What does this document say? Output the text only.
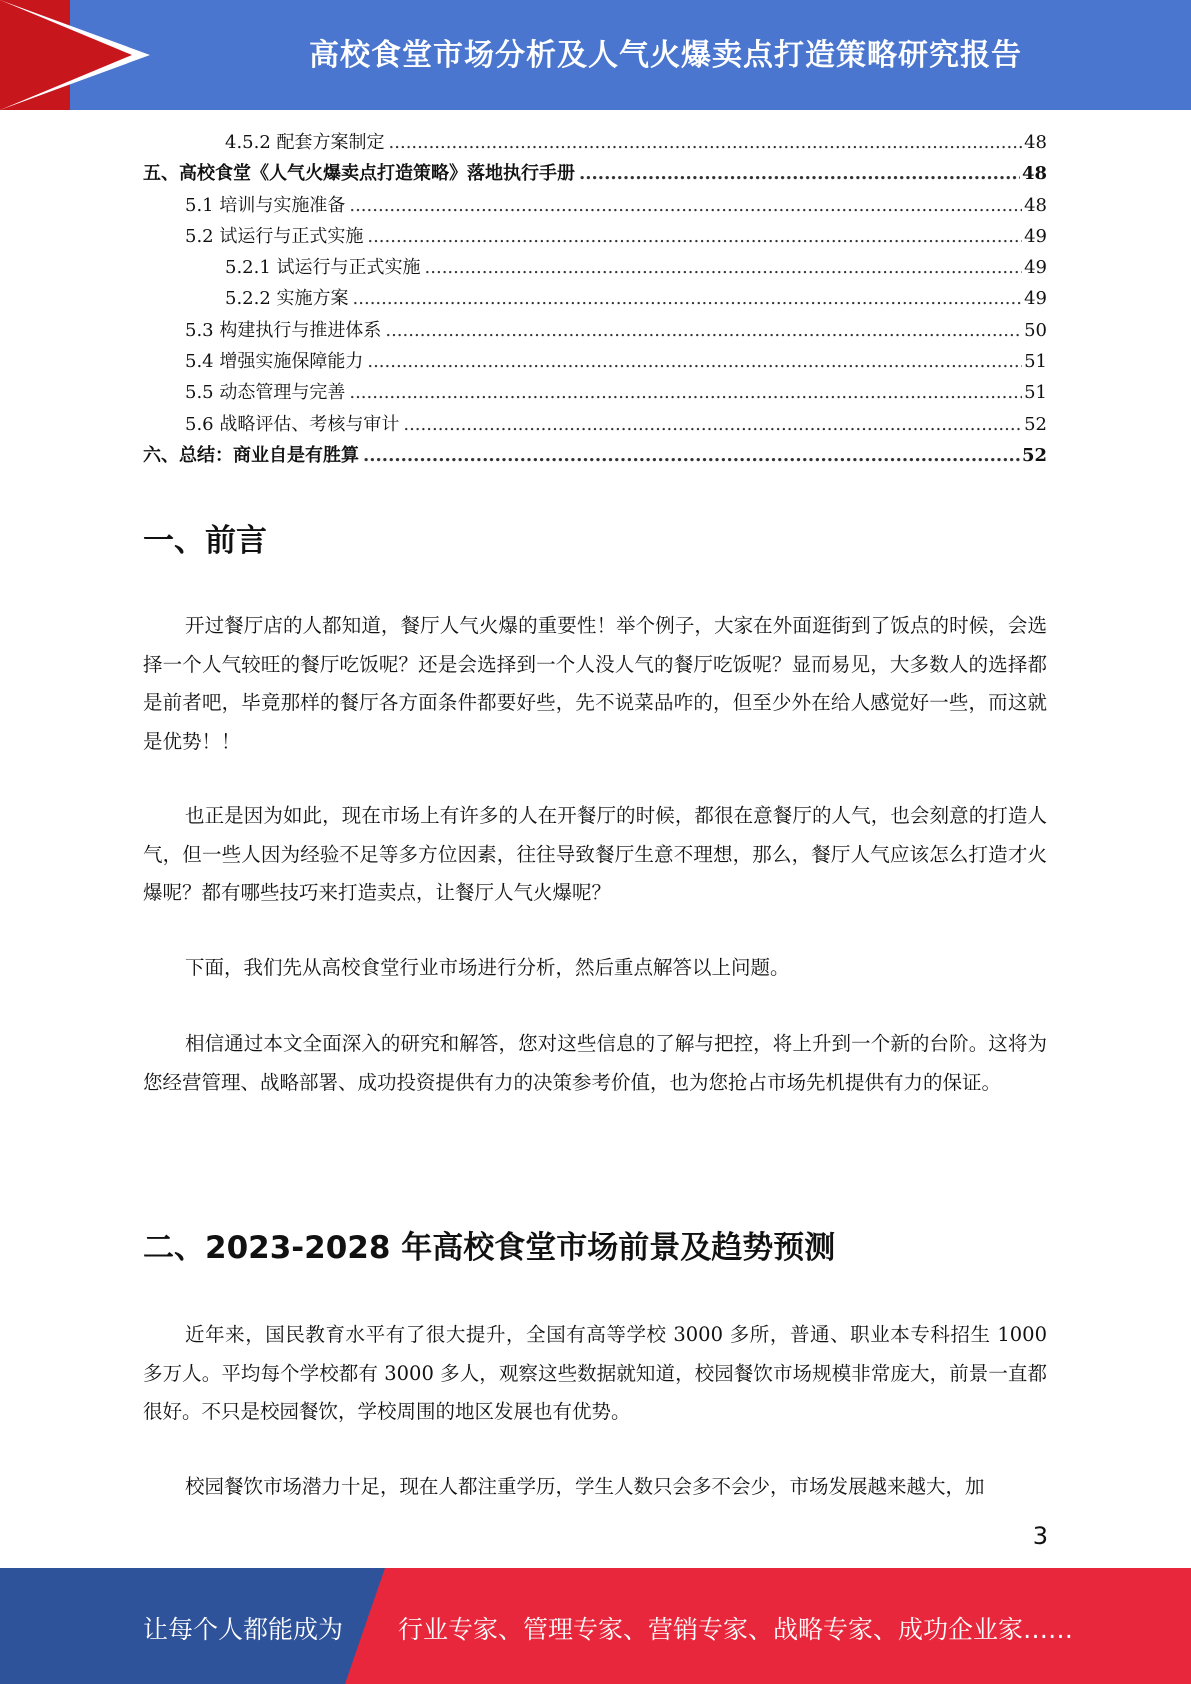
高校食堂市场分析及人气火爆卖点打造策略研究报告
4.5.2 配套方案制定 .....	48
五、高校食堂《人气火爆卖点打造策略》落地执行手册 .....	48
5.1 培训与实施准备 .....	48
5.2 试运行与正式实施 .....	49
5.2.1 试运行与正式实施 .....	49
5.2.2 实施方案 .....	49
5.3 构建执行与推进体系 .....	50
5.4 增强实施保障能力 .....	51
5.5 动态管理与完善 .....	51
5.6 战略评估、考核与审计 .....	52
六、总结：商业自是有胜算 .....	52
一、前言

开过餐厅店的人都知道，餐厅人气火爆的重要性！举个例子，大家在外面逛街到了饭点的时候，会选择一个人气较旺的餐厅吃饭呢？还是会选择到一个人没人气的餐厅吃饭呢？显而易见，大多数人的选择都是前者吧，毕竟那样的餐厅各方面条件都要好些，先不说菜品咋的，但至少外在给人感觉好一些，而这就是优势！！

也正是因为如此，现在市场上有许多的人在开餐厅的时候，都很在意餐厅的人气，也会刻意的打造人气，但一些人因为经验不足等多方位因素，往往导致餐厅生意不理想，那么，餐厅人气应该怎么打造才火爆呢？都有哪些技巧来打造卖点，让餐厅人气火爆呢？

下面，我们先从高校食堂行业市场进行分析，然后重点解答以上问题。

相信通过本文全面深入的研究和解答，您对这些信息的了解与把控，将上升到一个新的台阶。这将为您经营管理、战略部署、成功投资提供有力的决策参考价值，也为您抢占市场先机提供有力的保证。

二、2023-2028 年高校食堂市场前景及趋势预测

近年来，国民教育水平有了很大提升，全国有高等学校 3000 多所，普通、职业本专科招生 1000 多万人。平均每个学校都有 3000 多人，观察这些数据就知道，校园餐饮市场规模非常庞大，前景一直都很好。不只是校园餐饮，学校周围的地区发展也有优势。

校园餐饮市场潜力十足，现在人都注重学历，学生人数只会多不会少，市场发展越来越大，加

3
让每个人都能成为 行业专家、管理专家、营销专家、战略专家、成功企业家……
